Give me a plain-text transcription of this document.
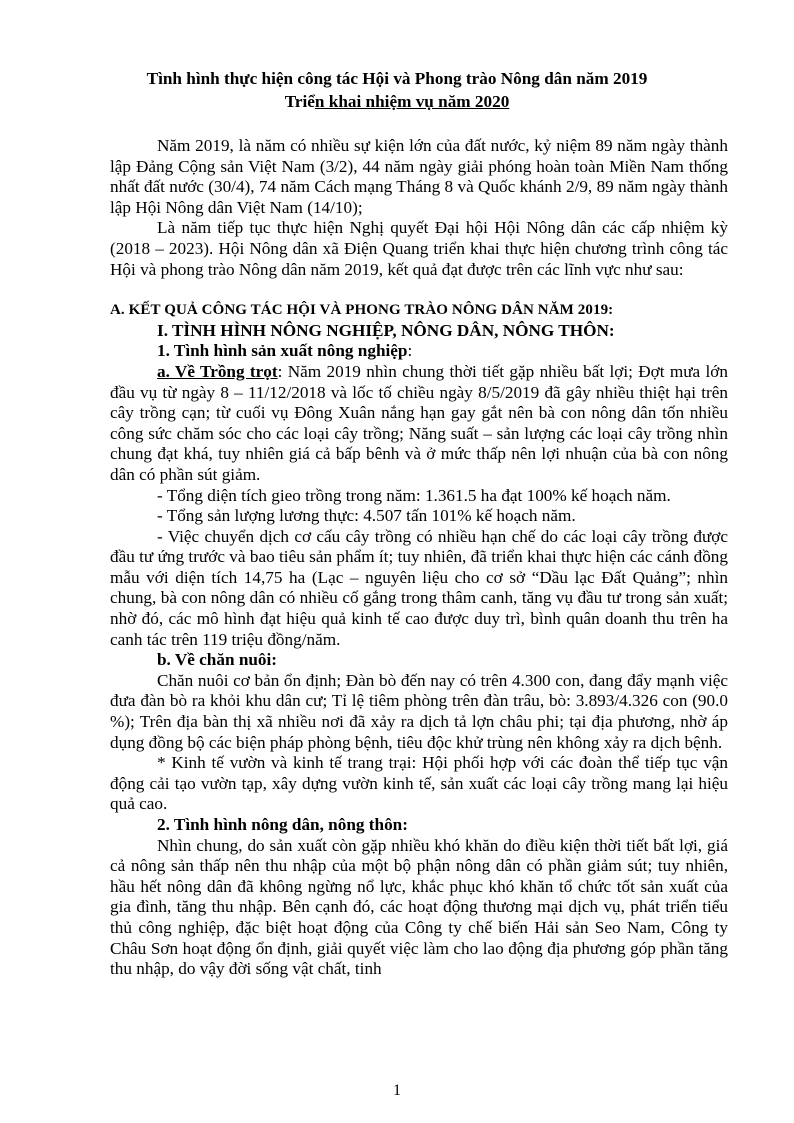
Tình hình thực hiện công tác Hội và Phong trào Nông dân năm 2019
Triển khai nhiệm vụ năm 2020

Năm 2019, là năm có nhiều sự kiện lớn của đất nước, kỷ niệm 89 năm ngày thành lập Đảng Cộng sản Việt Nam (3/2), 44 năm ngày giải phóng hoàn toàn Miền Nam thống nhất đất nước (30/4), 74 năm Cách mạng Tháng 8 và Quốc khánh 2/9, 89 năm ngày thành lập Hội Nông dân Việt Nam (14/10);

Là năm tiếp tục thực hiện Nghị quyết Đại hội Hội Nông dân các cấp nhiệm kỳ (2018 – 2023). Hội Nông dân xã Điện Quang triển khai thực hiện chương trình công tác Hội và phong trào Nông dân năm 2019, kết quả đạt được trên các lĩnh vực như sau:

A. KẾT QUẢ CÔNG TÁC HỘI VÀ PHONG TRÀO NÔNG DÂN NĂM 2019:

I. TÌNH HÌNH NÔNG NGHIỆP, NÔNG DÂN, NÔNG THÔN:

1. Tình hình sản xuất nông nghiệp:

a. Về Trồng trọt: Năm 2019 nhìn chung thời tiết gặp nhiều bất lợi; Đợt mưa lớn đầu vụ từ ngày 8 – 11/12/2018 và lốc tố chiều ngày 8/5/2019 đã gây nhiều thiệt hại trên cây trồng cạn; từ cuối vụ Đông Xuân nắng hạn gay gắt nên bà con nông dân tốn nhiều công sức chăm sóc cho các loại cây trồng; Năng suất – sản lượng các loại cây trồng nhìn chung đạt khá, tuy nhiên giá cả bấp bênh và ở mức thấp nên lợi nhuận của bà con nông dân có phần sút giảm.

- Tổng diện tích gieo trồng trong năm: 1.361.5 ha đạt 100% kế hoạch năm.

- Tổng sản lượng lương thực: 4.507 tấn 101% kế hoạch năm.

- Việc chuyển dịch cơ cấu cây trồng có nhiều hạn chế do các loại cây trồng được đầu tư ứng trước và bao tiêu sản phẩm ít; tuy nhiên, đã triển khai thực hiện các cánh đồng mẫu với diện tích 14,75 ha (Lạc – nguyên liệu cho cơ sở “Dầu lạc Đất Quảng”; nhìn chung, bà con nông dân có nhiều cố gắng trong thâm canh, tăng vụ đầu tư trong sản xuất; nhờ đó, các mô hình đạt hiệu quả kinh tế cao được duy trì, bình quân doanh thu trên ha canh tác trên 119 triệu đồng/năm.

b. Về chăn nuôi:

Chăn nuôi cơ bản ổn định; Đàn bò đến nay có trên 4.300 con, đang đẩy mạnh việc đưa đàn bò ra khỏi khu dân cư; Tỉ lệ tiêm phòng trên đàn trâu, bò: 3.893/4.326 con (90.0 %); Trên địa bàn thị xã nhiều nơi đã xảy ra dịch tả lợn châu phi; tại địa phương, nhờ áp dụng đồng bộ các biện pháp phòng bệnh, tiêu độc khử trùng nên không xảy ra dịch bệnh.

* Kinh tế vườn và kinh tế trang trại: Hội phối hợp với các đoàn thể tiếp tục vận động cải tạo vườn tạp, xây dựng vườn kinh tế, sản xuất các loại cây trồng mang lại hiệu quả cao.

2. Tình hình nông dân, nông thôn:

Nhìn chung, do sản xuất còn gặp nhiều khó khăn do điều kiện thời tiết bất lợi, giá cả nông sản thấp nên thu nhập của một bộ phận nông dân có phần giảm sút; tuy nhiên, hầu hết nông dân đã không ngừng nổ lực, khắc phục khó khăn tổ chức tốt sản xuất của gia đình, tăng thu nhập. Bên cạnh đó, các hoạt động thương mại dịch vụ, phát triển tiểu thủ công nghiệp, đặc biệt hoạt động của Công ty chế biến Hải sản Seo Nam, Công ty Châu Sơn hoạt động ổn định, giải quyết việc làm cho lao động địa phương góp phần tăng thu nhập, do vậy đời sống vật chất, tinh

1
